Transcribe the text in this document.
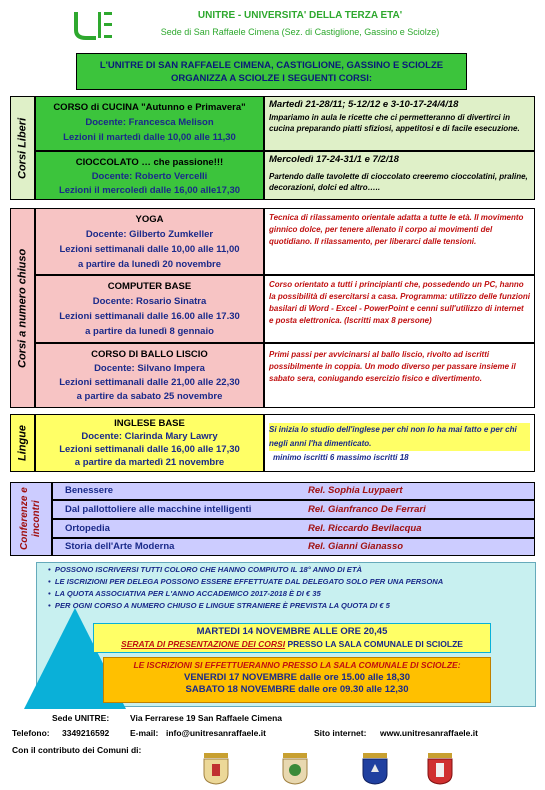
UNITRE - UNIVERSITA' DELLA TERZA ETA'
Sede di San Raffaele Cimena (Sez. di Castiglione, Gassino e Sciolze)
L'UNITRE DI SAN RAFFAELE CIMENA, CASTIGLIONE, GASSINO E SCIOLZE
ORGANIZZA A SCIOLZE I SEGUENTI CORSI:
Corsi Liberi
CORSO di CUCINA "Autunno e Primavera"
Docente: Francesca Melison
Lezioni il martedì dalle 10,00 alle 11,30
Martedì 21-28/11; 5-12/12 e 3-10-17-24/4/18
Impariamo in aula le ricette che ci permetteranno di divertirci in cucina preparando piatti sfiziosi, appetitosi e di facile esecuzione.
CIOCCOLATO … che passione!!!
Docente: Roberto Vercelli
Lezioni il mercoledì dalle 16,00 alle17,30
Mercoledì 17-24-31/1 e 7/2/18
Partendo dalle tavolette di cioccolato creeremo cioccolatini, praline, decorazioni, dolci ed altro…..
Corsi a numero chiuso
YOGA
Docente: Gilberto Zumkeller
Lezioni settimanali dalle 10,00 alle 11,00
a partire da lunedì 20 novembre
Tecnica di rilassamento orientale adatta a tutte le età. Il movimento ginnico dolce, per tenere allenato il corpo ai movimenti del quotidiano. Il rilassamento, per liberarci dalle tensioni.
COMPUTER BASE
Docente: Rosario Sinatra
Lezioni settimanali dalle 16.00 alle 17.30
a partire da lunedì 8 gennaio
Corso orientato a tutti i principianti che, possedendo un PC, hanno la possibilità di esercitarsi a casa. Programma: utilizzo delle funzioni basilari di Word - Excel - PowerPoint e cenni sull'utilizzo di internet e posta elettronica. (Iscritti max 8 persone)
CORSO DI BALLO LISCIO
Docente: Silvano Impera
Lezioni settimanali dalle 21,00 alle 22,30
a partire da sabato 25 novembre
Primi passi per avvicinarsi al ballo liscio, rivolto ad iscritti possibilmente in coppia. Un modo diverso per passare insieme il sabato sera, coniugando esercizio fisico e divertimento.
Lingue
INGLESE BASE
Docente: Clarinda Mary Lawry
Lezioni settimanali dalle 16,00 alle 17,30
a partire da martedì 21 novembre
Si inizia lo studio dell'inglese per chi non lo ha mai fatto e per chi negli anni l'ha dimenticato.
minimo iscritti 6 massimo iscritti 18
Conferenze e incontri
Benessere	Rel. Sophia Luypaert
Dal pallottoliere alle macchine intelligenti	Rel. Gianfranco De Ferrari
Ortopedia	Rel. Riccardo Bevilacqua
Storia dell'Arte Moderna	Rel. Gianni Gianasso
•  POSSONO ISCRIVERSI TUTTI COLORO CHE HANNO COMPIUTO IL 18° ANNO DI ETÀ
•  LE ISCRIZIONI PER DELEGA POSSONO ESSERE EFFETTUATE DAL DELEGATO SOLO PER UNA PERSONA
•  LA QUOTA ASSOCIATIVA PER L'ANNO ACCADEMICO 2017-2018 È DI € 35
•  PER OGNI CORSO A NUMERO CHIUSO E LINGUE STRANIERE È PREVISTA LA QUOTA DI € 5
MARTEDI 14 NOVEMBRE ALLE ORE 20,45
SERATA DI PRESENTAZIONE DEI CORSI PRESSO LA SALA COMUNALE DI SCIOLZE
LE ISCRIZIONI SI EFFETTUERANNO PRESSO LA SALA COMUNALE DI SCIOLZE:
VENERDI 17 NOVEMBRE dalle ore 15.00 alle 18,30
SABATO 18 NOVEMBRE dalle ore 09.30 alle 12,30
Sede UNITRE: Via Ferrarese 19 San Raffaele Cimena
Telefono: 3349216592 E-mail: info@unitresanraffaele.it	Sito internet: www.unitresanraffaele.it
Con il contributo dei Comuni di:
